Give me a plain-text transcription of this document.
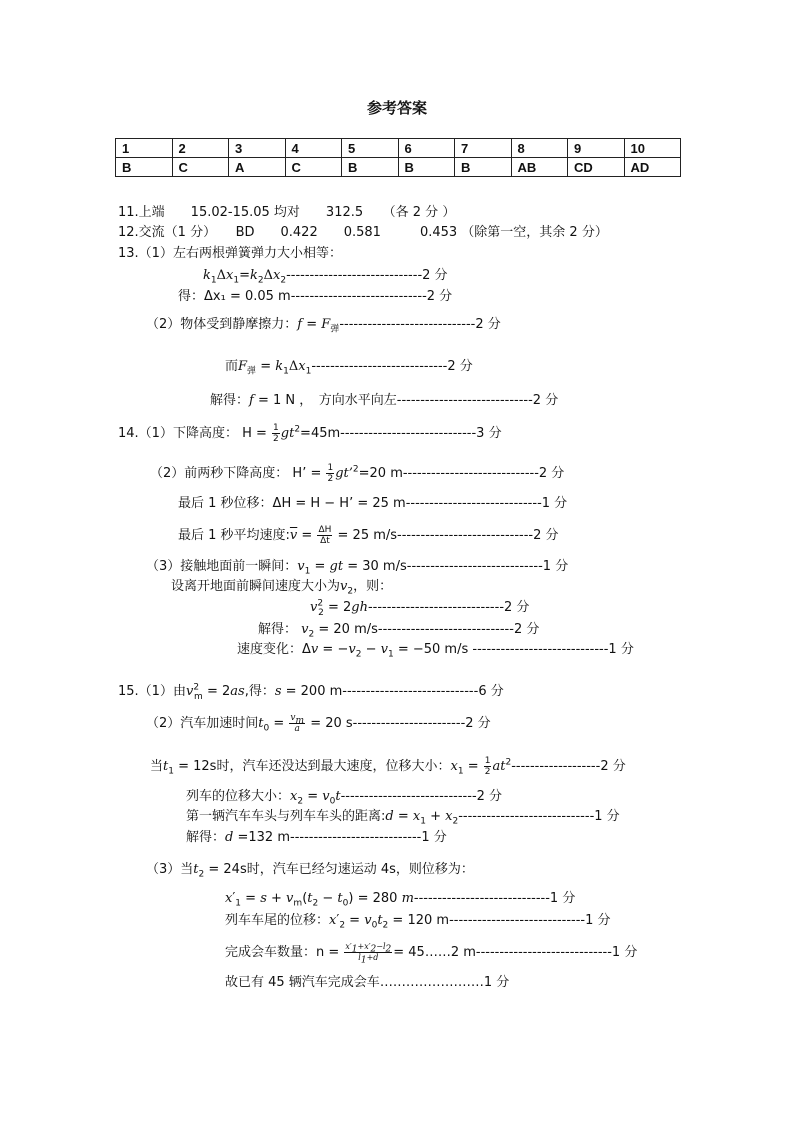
参考答案
1	2	3	4	5	6	7	8	9	10
B	C	A	C	B	B	B	AB	CD	AD
11.上端　　15.02-15.05 均对　　312.5　　（各 2 分 ）
12.交流（1 分）　　BD　　0.422　　0.581　　　0.453 （除第一空，其余 2 分）
13.（1）左右两根弹簧弹力大小相等：
$k_1\Delta x_1=k_2\Delta x_2-----------------------------2$ 分
得：Δx₁ = 0.05 m-----------------------------2 分
（2）物体受到静摩擦力：$f = F_弹-----------------------------2$ 分
而$F_弹 = k_1\Delta x_1-----------------------------2$ 分
解得：f = 1 N ，　方向水平向左-----------------------------2 分
14.（1）下降高度： $H = \frac{1}{2} gt^2=45m-----------------------------3$ 分
（2）前两秒下降高度： H’ = $\frac{1}{2}$ gt’$^2$=20 m-----------------------------2 分
最后 1 秒位移：ΔH = H − H’ = 25 m-----------------------------1 分
最后 1 秒平均速度$:\overline{v} = \frac{\Delta H}{\Delta t} = 25$ m/s-----------------------------2 分
（3）接触地面前一瞬间：$v_1$ = gt = 30 m/s-----------------------------1 分
设离开地面前瞬间速度大小为$v_2$，则：
$v^2_2 = 2gh-----------------------------2$ 分
解得： $v_2 = 20$ m/s-----------------------------2 分
速度变化：$\Delta v = -v_2 - v_1 = -50$ m/s -----------------------------1 分
15.（1）由$v^2_m = 2as$,得：s = 200 m-----------------------------6 分
（2）汽车加速时间$t_0 = \frac{v_m}{a} = 20$ s------------------------2 分
当$t_1 = 12s$时，汽车还没达到最大速度，位移大小：$x_1 = \frac{1}{2} at^2-------------------2$ 分
列车的位移大小：$x_2 = v_0t-----------------------------2$ 分
第一辆汽车车头与列车车头的距离:d = $x_1 + x_2-----------------------------1$ 分
解得：d =132 m----------------------------1 分
（3）当$t_2 = 24s$时，汽车已经匀速运动 4s，则位移为：
$x'_1 = s + v_m(t_2 - t_0) = 280$ m-----------------------------1 分
列车车尾的位移：$x'_2 = v_0t_2 = 120$ m-----------------------------1 分
完成会车数量：$n = \frac{x'_1+x'_2-l_2}{l_1+d}$ = 45……2 m-----------------------------1 分
故已有 45 辆汽车完成会车……………………1 分
